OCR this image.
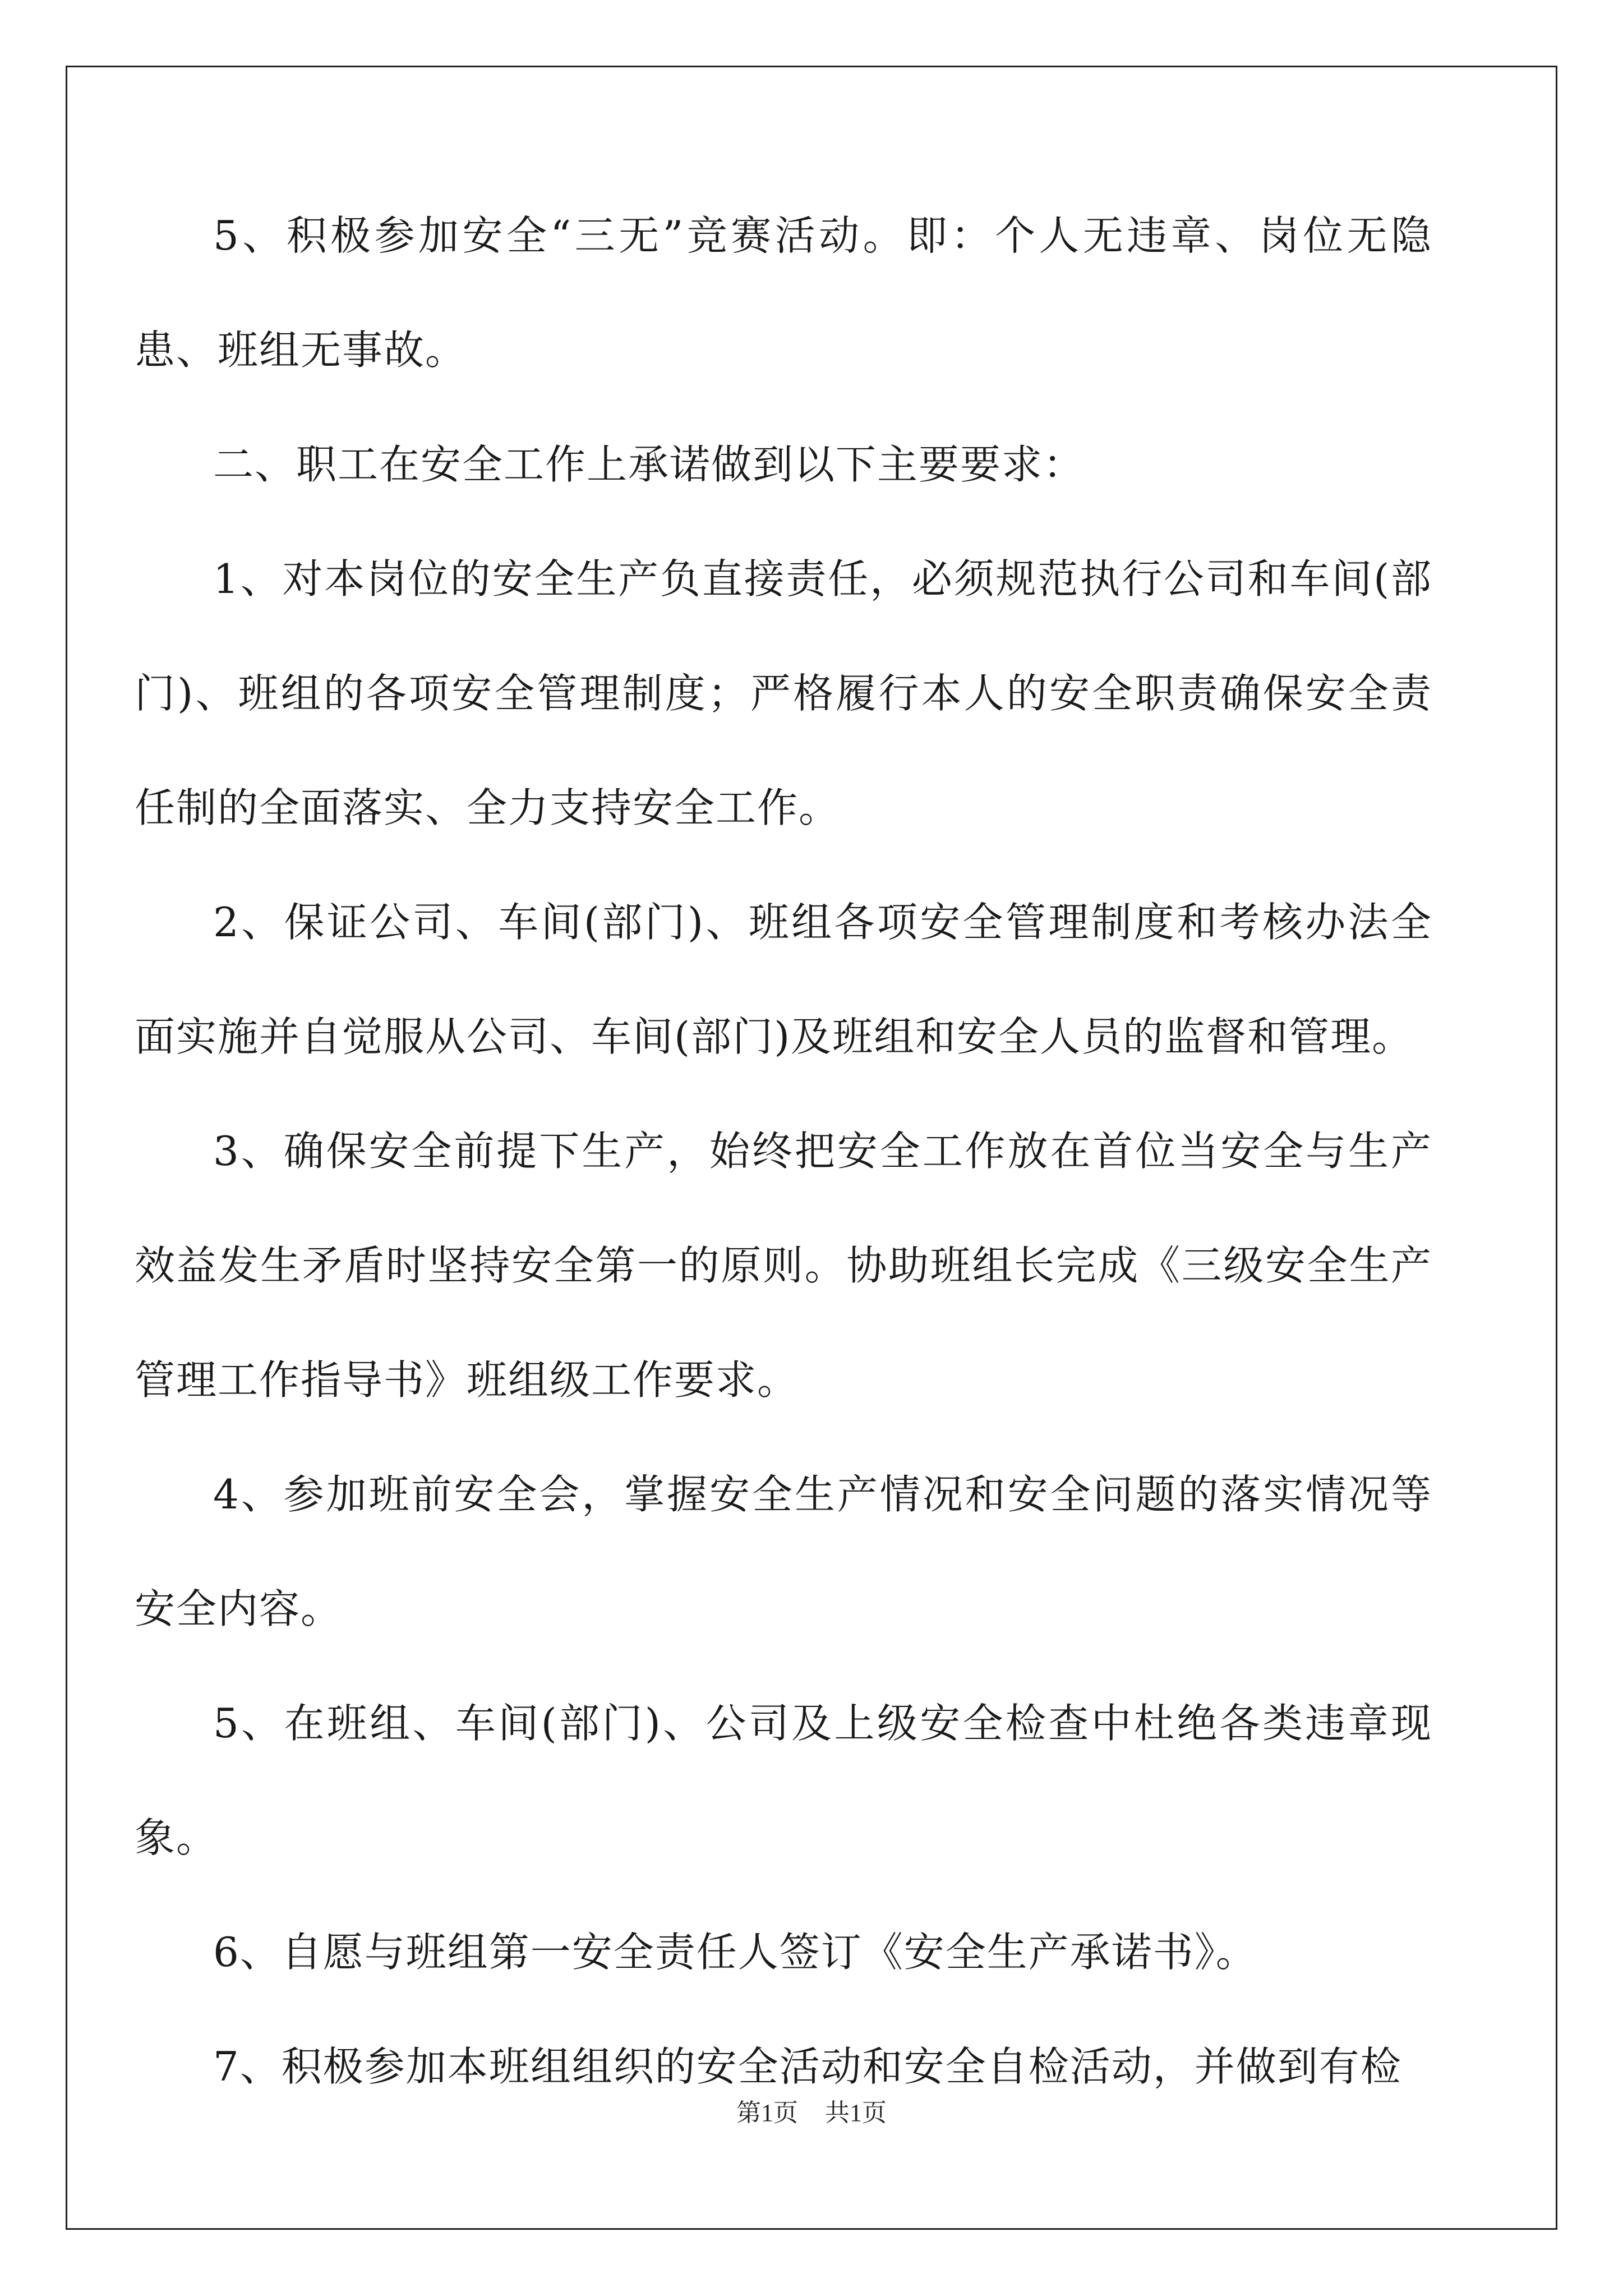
5、积极参加安全“三无”竞赛活动。即：个人无违章、岗位无隐患、班组无事故。

二、职工在安全工作上承诺做到以下主要要求：

1、对本岗位的安全生产负直接责任，必须规范执行公司和车间(部门)、班组的各项安全管理制度；严格履行本人的安全职责确保安全责任制的全面落实、全力支持安全工作。

2、保证公司、车间(部门)、班组各项安全管理制度和考核办法全面实施并自觉服从公司、车间(部门)及班组和安全人员的监督和管理。

3、确保安全前提下生产，始终把安全工作放在首位当安全与生产效益发生矛盾时坚持安全第一的原则。协助班组长完成《三级安全生产管理工作指导书》班组级工作要求。

4、参加班前安全会，掌握安全生产情况和安全问题的落实情况等安全内容。

5、在班组、车间(部门)、公司及上级安全检查中杜绝各类违章现象。

6、自愿与班组第一安全责任人签订《安全生产承诺书》。

7、积极参加本班组组织的安全活动和安全自检活动，并做到有检

第1页 共1页
